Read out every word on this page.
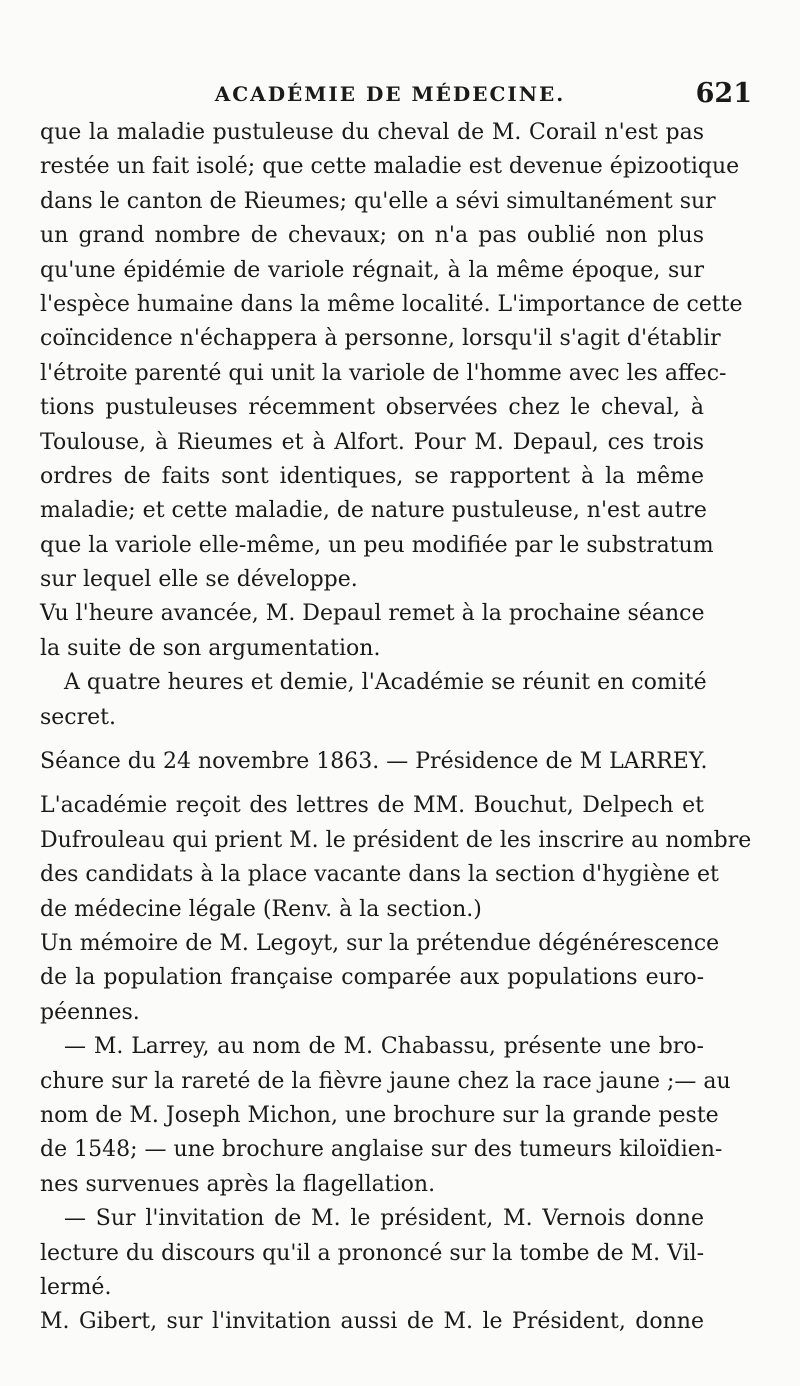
ACADÉMIE DE MÉDECINE.	621
que la maladie pustuleuse du cheval de M. Corail n'est pas
restée un fait isolé; que cette maladie est devenue épizootique
dans le canton de Rieumes; qu'elle a sévi simultanément sur
un grand nombre de chevaux; on n'a pas oublié non plus
qu'une épidémie de variole régnait, à la même époque, sur
l'espèce humaine dans la même localité. L'importance de cette
coïncidence n'échappera à personne, lorsqu'il s'agit d'établir
l'étroite parenté qui unit la variole de l'homme avec les affec-
tions pustuleuses récemment observées chez le cheval, à
Toulouse, à Rieumes et à Alfort. Pour M. Depaul, ces trois
ordres de faits sont identiques, se rapportent à la même
maladie; et cette maladie, de nature pustuleuse, n'est autre
que la variole elle-même, un peu modifiée par le substratum
sur lequel elle se développe.
Vu l'heure avancée, M. Depaul remet à la prochaine séance
la suite de son argumentation.
A quatre heures et demie, l'Académie se réunit en comité
secret.
Séance du 24 novembre 1863. — Présidence de M LARREY.
L'académie reçoit des lettres de MM. Bouchut, Delpech et
Dufrouleau qui prient M. le président de les inscrire au nombre
des candidats à la place vacante dans la section d'hygiène et
de médecine légale (Renv. à la section.)
Un mémoire de M. Legoyt, sur la prétendue dégénérescence
de la population française comparée aux populations euro-
péennes.
— M. Larrey, au nom de M. Chabassu, présente une bro-
chure sur la rareté de la fièvre jaune chez la race jaune ;— au
nom de M. Joseph Michon, une brochure sur la grande peste
de 1548; — une brochure anglaise sur des tumeurs kiloïdien-
nes survenues après la flagellation.
— Sur l'invitation de M. le président, M. Vernois donne
lecture du discours qu'il a prononcé sur la tombe de M. Vil-
lermé.
M. Gibert, sur l'invitation aussi de M. le Président, donne
